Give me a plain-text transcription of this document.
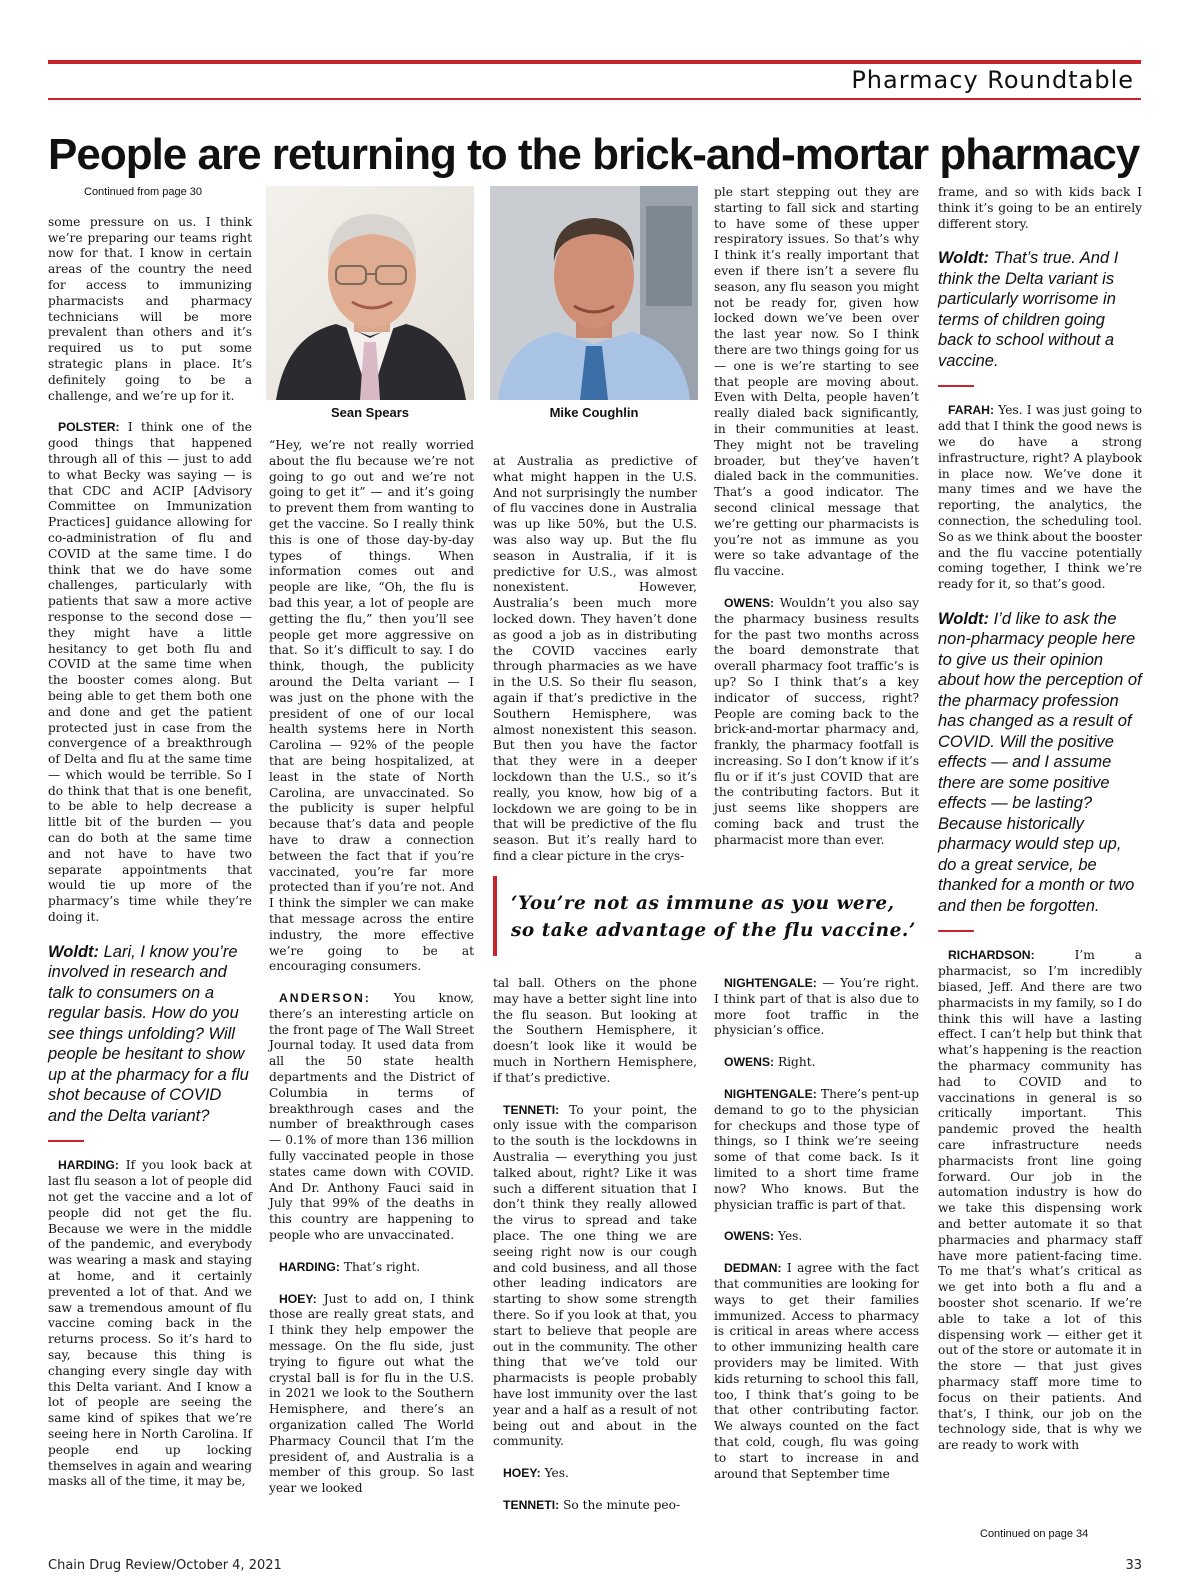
Pharmacy Roundtable
People are returning to the brick-and-mortar pharmacy
Continued from page 30

some pressure on us. I think we’re preparing our teams right now for that. I know in certain areas of the country the need for access to immunizing pharmacists and pharmacy technicians will be more prevalent than others and it’s required us to put some strategic plans in place. It’s definitely going to be a challenge, and we’re up for it.

POLSTER: I think one of the good things that happened through all of this — just to add to what Becky was saying — is that CDC and ACIP [Advisory Committee on Immunization Practices] guidance allowing for co-administration of flu and COVID at the same time. I do think that we do have some challenges, particularly with patients that saw a more active response to the second dose — they might have a little hesitancy to get both flu and COVID at the same time when the booster comes along. But being able to get them both one and done and get the patient protected just in case from the convergence of a breakthrough of Delta and flu at the same time — which would be terrible. So I do think that that is one benefit, to be able to help decrease a little bit of the burden — you can do both at the same time and not have to have two separate appointments that would tie up more of the pharmacy’s time while they’re doing it.

Woldt: Lari, I know you’re involved in research and talk to consumers on a regular basis. How do you see things unfolding? Will people be hesitant to show up at the pharmacy for a flu shot because of COVID and the Delta variant?

HARDING: If you look back at last flu season a lot of people did not get the vaccine and a lot of people did not get the flu. Because we were in the middle of the pandemic, and everybody was wearing a mask and staying at home, and it certainly prevented a lot of that. And we saw a tremendous amount of flu vaccine coming back in the returns process. So it’s hard to say, because this thing is changing every single day with this Delta variant. And I know a lot of people are seeing the same kind of spikes that we’re seeing here in North Carolina. If people end up locking themselves in again and wearing masks all of the time, it may be,

Sean Spears	Mike Coughlin

“Hey, we’re not really worried about the flu because we’re not going to go out and we’re not going to get it” — and it’s going to prevent them from wanting to get the vaccine. So I really think this is one of those day-by-day types of things. When information comes out and people are like, “Oh, the flu is bad this year, a lot of people are getting the flu,” then you’ll see people get more aggressive on that. So it’s difficult to say. I do think, though, the publicity around the Delta variant — I was just on the phone with the president of one of our local health systems here in North Carolina — 92% of the people that are being hospitalized, at least in the state of North Carolina, are unvaccinated. So the publicity is super helpful because that’s data and people have to draw a connection between the fact that if you’re vaccinated, you’re far more protected than if you’re not. And I think the simpler we can make that message across the entire industry, the more effective we’re going to be at encouraging consumers.

ANDERSON: You know, there’s an interesting article on the front page of The Wall Street Journal today. It used data from all the 50 state health departments and the District of Columbia in terms of breakthrough cases and the number of breakthrough cases — 0.1% of more than 136 million fully vaccinated people in those states came down with COVID. And Dr. Anthony Fauci said in July that 99% of the deaths in this country are happening to people who are unvaccinated.

HARDING: That’s right.

HOEY: Just to add on, I think those are really great stats, and I think they help empower the message. On the flu side, just trying to figure out what the crystal ball is for flu in the U.S. in 2021 we look to the Southern Hemisphere, and there’s an organization called The World Pharmacy Council that I’m the president of, and Australia is a member of this group. So last year we looked

at Australia as predictive of what might happen in the U.S. And not surprisingly the number of flu vaccines done in Australia was up like 50%, but the U.S. was also way up. But the flu season in Australia, if it is predictive for U.S., was almost nonexistent. However, Australia’s been much more locked down. They haven’t done as good a job as in distributing the COVID vaccines early through pharmacies as we have in the U.S. So their flu season, again if that’s predictive in the Southern Hemisphere, was almost nonexistent this season. But then you have the factor that they were in a deeper lockdown than the U.S., so it’s really, you know, how big of a lockdown we are going to be in that will be predictive of the flu season. But it’s really hard to find a clear picture in the crys-

ple start stepping out they are starting to fall sick and starting to have some of these upper respiratory issues. So that’s why I think it’s really important that even if there isn’t a severe flu season, any flu season you might not be ready for, given how locked down we’ve been over the last year now. So I think there are two things going for us — one is we’re starting to see that people are moving about. Even with Delta, people haven’t really dialed back significantly, in their communities at least. They might not be traveling broader, but they’ve haven’t dialed back in the communities. That’s a good indicator. The second clinical message that we’re getting our pharmacists is you’re not as immune as you were so take advantage of the flu vaccine.

OWENS: Wouldn’t you also say the pharmacy business results for the past two months across the board demonstrate that overall pharmacy foot traffic’s is up? So I think that’s a key indicator of success, right? People are coming back to the brick-and-mortar pharmacy and, frankly, the pharmacy footfall is increasing. So I don’t know if it’s flu or if it’s just COVID that are the contributing factors. But it just seems like shoppers are coming back and trust the pharmacist more than ever.

‘You’re not as immune as you were,
so take advantage of the flu vaccine.’

tal ball. Others on the phone may have a better sight line into the flu season. But looking at the Southern Hemisphere, it doesn’t look like it would be much in Northern Hemisphere, if that’s predictive.

TENNETI: To your point, the only issue with the comparison to the south is the lockdowns in Australia — everything you just talked about, right? Like it was such a different situation that I don’t think they really allowed the virus to spread and take place. The one thing we are seeing right now is our cough and cold business, and all those other leading indicators are starting to show some strength there. So if you look at that, you start to believe that people are out in the community. The other thing that we’ve told our pharmacists is people probably have lost immunity over the last year and a half as a result of not being out and about in the community.

HOEY: Yes.

TENNETI: So the minute peo-

NIGHTENGALE: — You’re right. I think part of that is also due to more foot traffic in the physician’s office.

OWENS: Right.

NIGHTENGALE: There’s pent-up demand to go to the physician for checkups and those type of things, so I think we’re seeing some of that come back. Is it limited to a short time frame now? Who knows. But the physician traffic is part of that.

OWENS: Yes.

DEDMAN: I agree with the fact that communities are looking for ways to get their families immunized. Access to pharmacy is critical in areas where access to other immunizing health care providers may be limited. With kids returning to school this fall, too, I think that’s going to be that other contributing factor. We always counted on the fact that cold, cough, flu was going to start to increase in and around that September time

frame, and so with kids back I think it’s going to be an entirely different story.

Woldt: That’s true. And I think the Delta variant is particularly worrisome in terms of children going back to school without a vaccine.

FARAH: Yes. I was just going to add that I think the good news is we do have a strong infrastructure, right? A playbook in place now. We’ve done it many times and we have the reporting, the analytics, the connection, the scheduling tool. So as we think about the booster and the flu vaccine potentially coming together, I think we’re ready for it, so that’s good.

Woldt: I’d like to ask the non-pharmacy people here to give us their opinion about how the perception of the pharmacy profession has changed as a result of COVID. Will the positive effects — and I assume there are some positive effects — be lasting? Because historically pharmacy would step up, do a great service, be thanked for a month or two and then be forgotten.

RICHARDSON: I’m a pharmacist, so I’m incredibly biased, Jeff. And there are two pharmacists in my family, so I do think this will have a lasting effect. I can’t help but think that what’s happening is the reaction the pharmacy community has had to COVID and to vaccinations in general is so critically important. This pandemic proved the health care infrastructure needs pharmacists front line going forward. Our job in the automation industry is how do we take this dispensing work and better automate it so that pharmacies and pharmacy staff have more patient-facing time. To me that’s what’s critical as we get into both a flu and a booster shot scenario. If we’re able to take a lot of this dispensing work — either get it out of the store or automate it in the store — that just gives pharmacy staff more time to focus on their patients. And that’s, I think, our job on the technology side, that is why we are ready to work with

Continued on page 34
Chain Drug Review/October 4, 2021	33
